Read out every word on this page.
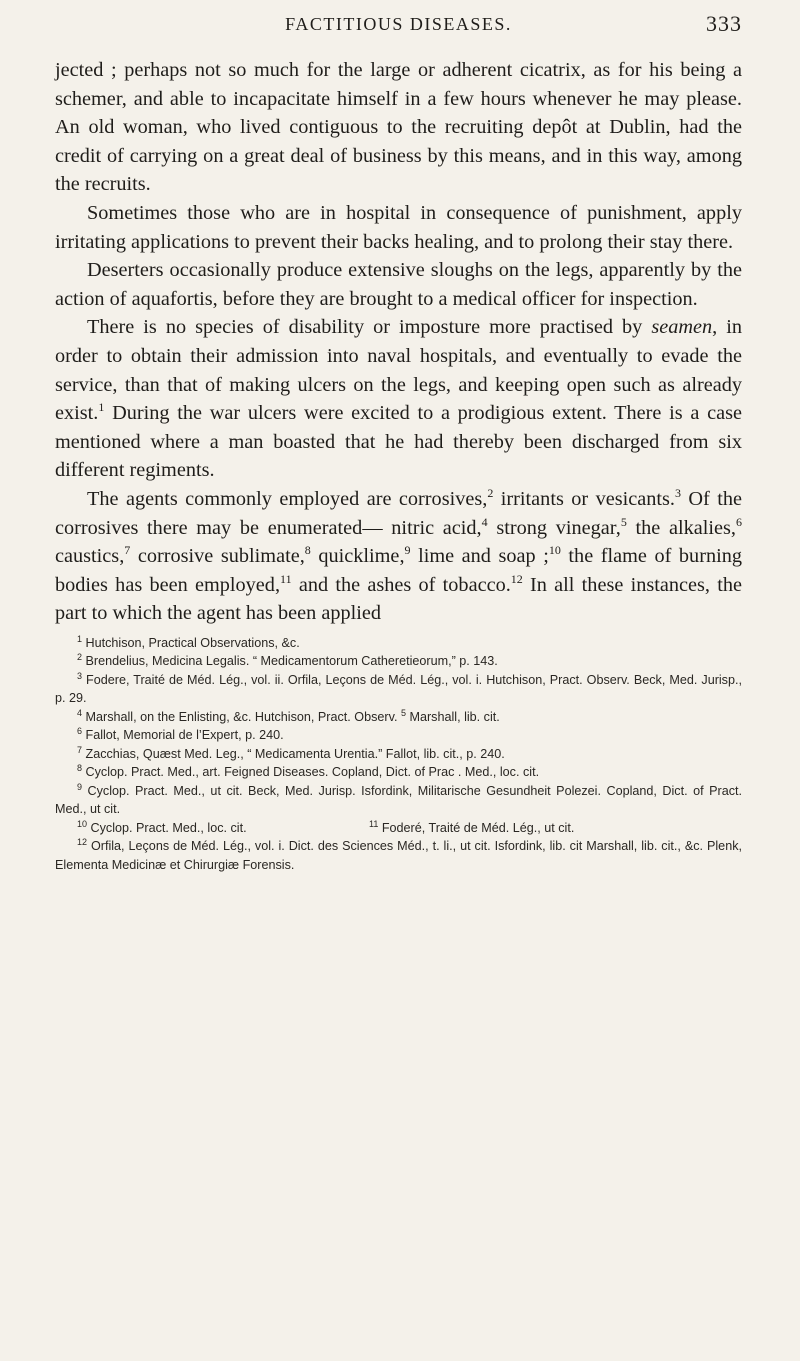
FACTITIOUS DISEASES.	333

jected ; perhaps not so much for the large or adherent cicatrix, as for his being a schemer, and able to incapacitate himself in a few hours whenever he may please. An old woman, who lived contiguous to the recruiting depôt at Dublin, had the credit of carrying on a great deal of business by this means, and in this way, among the recruits.

Sometimes those who are in hospital in consequence of punishment, apply irritating applications to prevent their backs healing, and to prolong their stay there.

Deserters occasionally produce extensive sloughs on the legs, apparently by the action of aquafortis, before they are brought to a medical officer for inspection.

There is no species of disability or imposture more practised by seamen, in order to obtain their admission into naval hospitals, and eventually to evade the service, than that of making ulcers on the legs, and keeping open such as already exist.$^1$ During the war ulcers were excited to a prodigious extent. There is a case mentioned where a man boasted that he had thereby been discharged from six different regiments.

The agents commonly employed are corrosives,$^2$ irritants or vesicants.$^3$ Of the corrosives there may be enumerated— nitric acid,$^4$ strong vinegar,$^5$ the alkalies,$^6$ caustics,$^7$ corrosive sublimate,$^8$ quicklime,$^9$ lime and soap ;$^{10}$ the flame of burning bodies has been employed,$^{11}$ and the ashes of tobacco.$^{12}$ In all these instances, the part to which the agent has been applied

$^1$ Hutchison, Practical Observations, &c.
$^2$ Brendelius, Medicina Legalis. “ Medicamentorum Catheretieorum,” p. 143.
$^3$ Fodere, Traité de Méd. Lég., vol. ii. Orfila, Leçons de Méd. Lég., vol. i. Hutchison, Pract. Observ. Beck, Med. Jurisp., p. 29.
$^4$ Marshall, on the Enlisting, &c. Hutchison, Pract. Observ. $^5$ Marshall, lib. cit.
$^6$ Fallot, Memorial de l’Expert, p. 240.
$^7$ Zacchias, Quæst Med. Leg., “ Medicamenta Urentia.” Fallot, lib. cit., p. 240.
$^8$ Cyclop. Pract. Med., art. Feigned Diseases. Copland, Dict. of Prac . Med., loc. cit.
$^9$ Cyclop. Pract. Med., ut cit. Beck, Med. Jurisp. Isfordink, Militarische Gesundheit Polezei. Copland, Dict. of Pract. Med., ut cit.
$^{10}$ Cyclop. Pract. Med., loc. cit.	$^{11}$ Foderé, Traité de Méd. Lég., ut cit.
$^{12}$ Orfila, Leçons de Méd. Lég., vol. i. Dict. des Sciences Méd., t. li., ut cit. Isfordink, lib. cit Marshall, lib. cit., &c. Plenk, Elementa Medicinæ et Chirurgiæ Forensis.
